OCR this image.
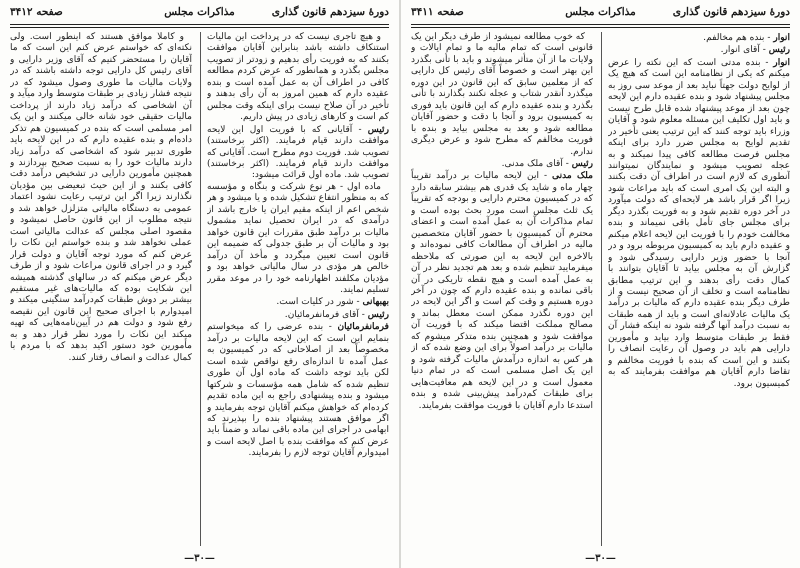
دورهٔ سیزدهم قانون گذاری
مذاکرات مجلس
صفحه ۳۴۱۲

و هیچ تاجری نیست که در پرداخت این مالیات استنکاف داشته باشد بنابراین آقایان موافقت بکنند که به فوریت رأی بدهیم و زودتر از تصویب مجلس بگذرد و همانطور که عرض کردم مطالعه کافی در اطراف آن به عمل آمده است و بنده عقیده دارم که همین امروز به آن رأی بدهند و تأخیر در آن صلاح نیست برای اینکه وقت مجلس کم است و کارهای زیادی در پیش داریم.

رئیس - آقایانی که با فوریت اول این لایحه موافقت دارند قیام فرمایند. (اکثر برخاستند) تصویب شد. فوریت دوم مطرح است. آقایانی که موافقت دارند قیام فرمایند. (اکثر برخاستند) تصویب شد. ماده اول قرائت میشود:

ماده اول - هر نوع شرکت و بنگاه و مؤسسه که به منظور انتفاع تشکیل شده و یا میشود و هر شخص اعم از اینکه مقیم ایران یا خارج باشد از درآمدی که در ایران تحصیل نماید مشمول مالیات بر درآمد طبق مقررات این قانون خواهد بود و مالیات آن بر طبق جدولی که ضمیمه این قانون است تعیین میگردد و مأخذ آن درآمد خالص هر مؤدی در سال مالیاتی خواهد بود و مؤدیان مکلفند اظهارنامه خود را در موعد مقرر تسلیم نمایند.

بهبهانی - شور در کلیات است.

رئیس - آقای فرمانفرمائیان.

فرمانفرمائیان - بنده عرضی را که میخواستم بنمایم این است که این لایحه مالیات بر درآمد مخصوصاً بعد از اصلاحاتی که در کمیسیون به عمل آمده تا اندازه‌ای رفع نواقص شده است لکن باید توجه داشت که ماده اول آن طوری تنظیم شده که شامل همه مؤسسات و شرکتها میشود و بنده پیشنهادی راجع به این ماده تقدیم کرده‌ام که خواهش میکنم آقایان توجه بفرمایند و اگر موافق هستند پیشنهاد بنده را بپذیرند که ابهامی در اجرای این ماده باقی نماند و ضمناً باید عرض کنم که موافقت بنده با اصل لایحه است و امیدوارم آقایان توجه لازم را بفرمایند.

و کاملاً موافق هستند که اینطور است. ولی نکته‌ای که خواستم عرض کنم این است که ما آقایان را مستحضر کنیم که آقای وزیر دارایی و آقای رئیس کل دارایی توجه داشته باشند که در ولایات مالیات ما طوری وصول میشود که در نتیجه فشار زیادی بر طبقات متوسط وارد میآید و آن اشخاصی که درآمد زیاد دارند از پرداخت مالیات حقیقی خود شانه خالی میکنند و این یک امر مسلمی است که بنده در کمیسیون هم تذکر داده‌ام و بنده عقیده دارم که در این لایحه باید طوری تدبیر شود که اشخاصی که درآمد زیاد دارند مالیات خود را به نسبت صحیح بپردازند و همچنین مأمورین دارایی در تشخیص درآمد دقت کافی بکنند و از این حیث تبعیضی بین مؤدیان نگذارند زیرا اگر این ترتیب رعایت نشود اعتماد عمومی به دستگاه مالیاتی متزلزل خواهد شد و نتیجه مطلوب از این قانون حاصل نمیشود و مقصود اصلی مجلس که عدالت مالیاتی است عملی نخواهد شد و بنده خواستم این نکات را عرض کنم که مورد توجه آقایان و دولت قرار گیرد و در اجرای قانون مراعات شود و از طرف دیگر عرض میکنم که در سالهای گذشته همیشه این شکایت بوده که مالیات‌های غیر مستقیم بیشتر بر دوش طبقات کم‌درآمد سنگینی میکند و امیدوارم با اجرای صحیح این قانون این نقیصه رفع شود و دولت هم در آیین‌نامه‌هایی که تهیه میکند این نکات را مورد نظر قرار دهد و به مأمورین خود دستور اکید بدهد که با مردم با کمال عدالت و انصاف رفتار کنند.

—٣٠—
دورهٔ سیزدهم قانون گذاری
مذاکرات مجلس
صفحه ۳۴۱۱

انوار - بنده هم مخالفم.

رئیس - آقای انوار.

انوار - بنده مدتی است که این نکته را عرض میکنم که یکی از نظامنامه این است که هیچ یک از لوایح دولت جهتاً نباید بعد از موعد سی روز به مجلس پیشنهاد شود و بنده عقیده دارم این لایحه چون بعد از موعد پیشنهاد شده قابل طرح نیست و باید اول تکلیف این مسئله معلوم شود و آقایان وزراء باید توجه کنند که این ترتیب یعنی تأخیر در تقدیم لوایح به مجلس ضرر دارد برای اینکه مجلس فرصت مطالعه کافی پیدا نمیکند و به عجله تصویب میشود و نمایندگان نمیتوانند آنطوری که لازم است در اطراف آن دقت بکنند و البته این یک امری است که باید مراعات شود زیرا اگر قرار باشد هر لایحه‌ای که دولت میآورد در آخر دوره تقدیم شود و به فوریت بگذرد دیگر برای مجلس جای تأمل باقی نمیماند و بنده مخالفت خودم را با فوریت این لایحه اعلام میکنم و عقیده دارم باید به کمیسیون مربوطه برود و در آنجا با حضور وزیر دارایی رسیدگی شود و گزارش آن به مجلس بیاید تا آقایان بتوانند با کمال دقت رأی بدهند و این ترتیب مطابق نظامنامه است و تخلف از آن صحیح نیست و از طرف دیگر بنده عقیده دارم که مالیات بر درآمد یک مالیات عادلانه‌ای است و باید از همه طبقات به نسبت درآمد آنها گرفته شود نه اینکه فشار آن فقط بر طبقات متوسط وارد بیاید و مأمورین دارایی هم باید در وصول آن رعایت انصاف را بکنند و این است که بنده با فوریت مخالفم و تقاضا دارم آقایان هم موافقت بفرمایند که به کمیسیون برود.

که خوب مطالعه نمیشود از طرف دیگر این یک قانونی است که تمام مالیه ما و تمام ایالات و ولایات ما از آن متأثر میشوند و باید با تأنی بگذرد این بهتر است و خصوصاً آقای رئیس کل دارایی که از معلمین سابق که این قانون در این دوره میگذرد آنقدر شتاب و عجله نکنند بگذارند با تأنی بگذرد و بنده عقیده دارم که این قانون باید فوری به کمیسیون برود و آنجا با دقت و حضور آقایان مطالعه شود و بعد به مجلس بیاید و بنده با فوریت مخالفم که مطرح شود و عرض دیگری ندارم.

رئیس - آقای ملک مدنی.

ملک مدنی - این لایحه مالیات بر درآمد تقریباً چهار ماه و شاید یک قدری هم بیشتر سابقه دارد که در کمیسیون محترم دارایی و بودجه که تقریباً یک ثلث مجلس است مورد بحث بوده است و تمام مذاکرات آن به عمل آمده است و اعضای محترم آن کمیسیون با حضور آقایان متخصصین مالیه در اطراف آن مطالعات کافی نموده‌اند و بالاخره این لایحه به این صورتی که ملاحظه میفرمایید تنظیم شده و بعد هم تجدید نظر در آن به عمل آمده است و هیچ نقطه تاریکی در آن باقی نمانده و بنده عقیده دارم که چون در آخر دوره هستیم و وقت کم است و اگر این لایحه در این دوره نگذرد ممکن است معطل بماند و مصالح مملکت اقتضا میکند که با فوریت آن موافقت شود و همچنین بنده متذکر میشوم که مالیات بر درآمد اصولاً برای این وضع شده که از هر کس به اندازه درآمدش مالیات گرفته شود و این یک اصل مسلمی است که در تمام دنیا معمول است و در این لایحه هم معافیت‌هایی برای طبقات کم‌درآمد پیش‌بینی شده و بنده استدعا دارم آقایان با فوریت موافقت بفرمایند.

—٣٠—
